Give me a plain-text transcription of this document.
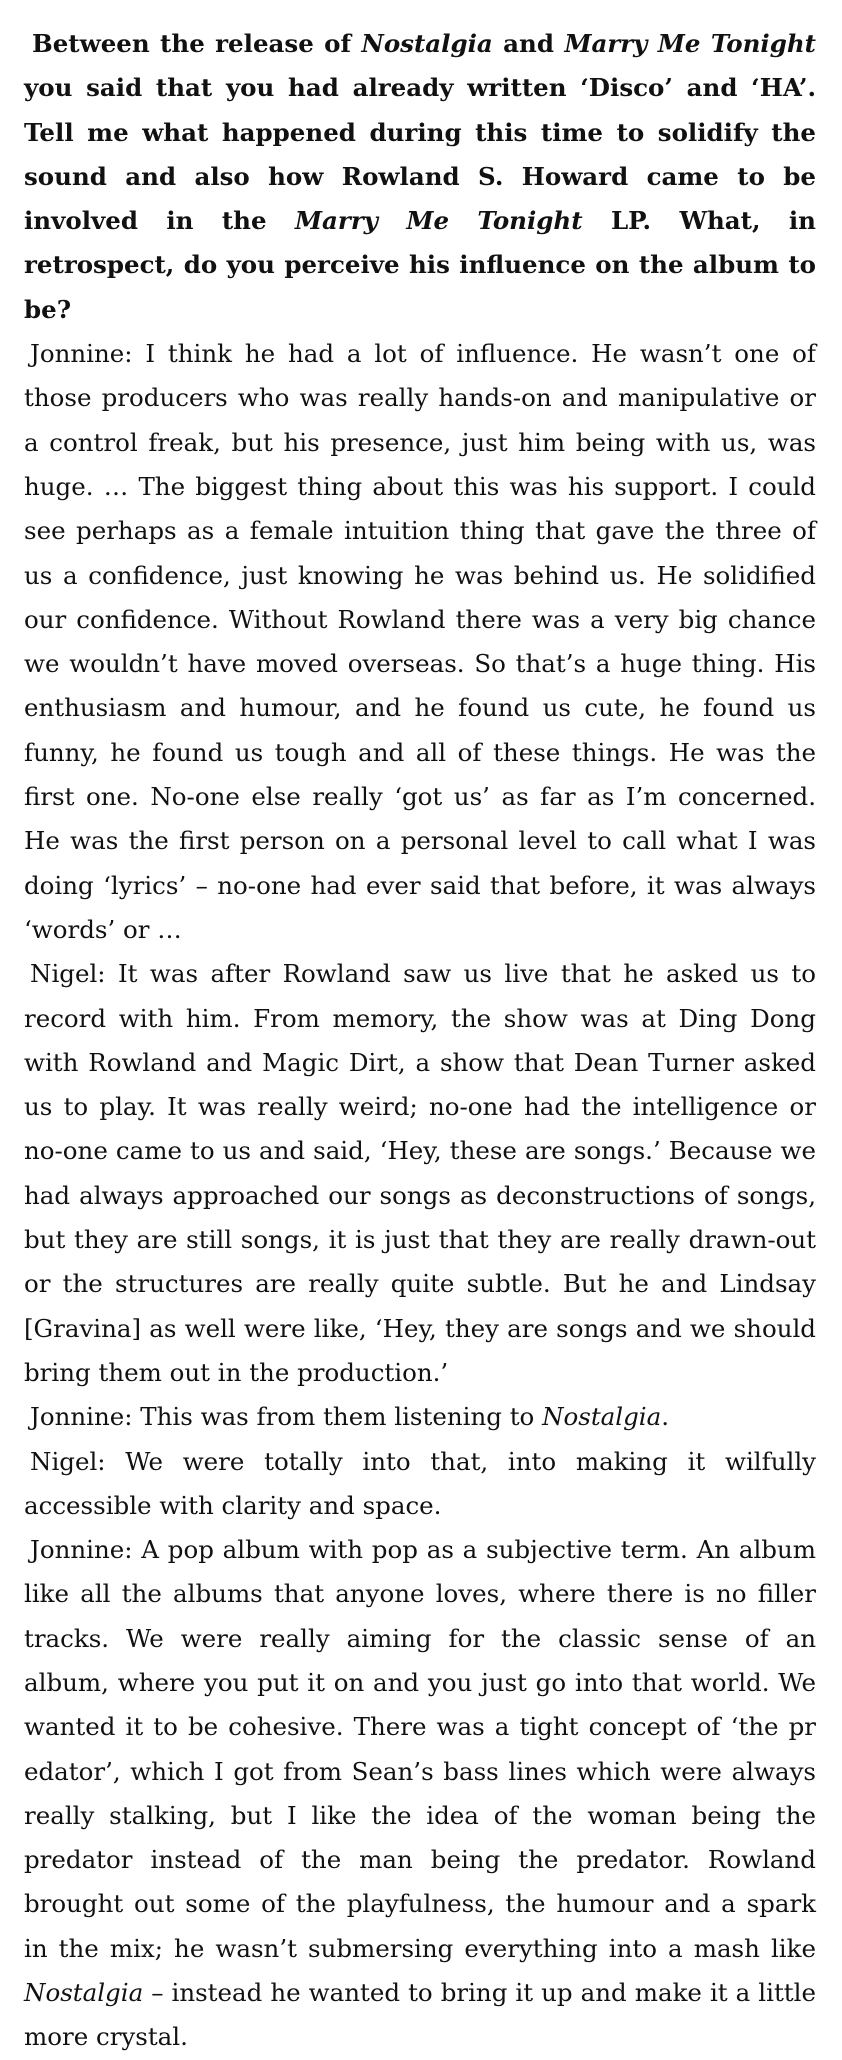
Between the release of Nostalgia and Marry Me Tonight you said that you had already written ‘Disco’ and ‘HA’. Tell me what happened during this time to solidify the sound and also how Rowland S. Howard came to be involved in the Marry Me Tonight LP. What, in retrospect, do you perceive his influence on the album to be?

Jonnine: I think he had a lot of influence. He wasn’t one of those producers who was really hands-on and manipulative or a control freak, but his presence, just him being with us, was huge. … The biggest thing about this was his support. I could see perhaps as a female intuition thing that gave the three of us a confidence, just knowing he was behind us. He solidified our confidence. Without Rowland there was a very big chance we wouldn’t have moved overseas. So that’s a huge thing. His enthusiasm and humour, and he found us cute, he found us funny, he found us tough and all of these things. He was the first one. No-one else really ‘got us’ as far as I’m concerned. He was the first person on a personal level to call what I was doing ‘lyrics’ – no-one had ever said that before, it was always ‘words’ or …

Nigel: It was after Rowland saw us live that he asked us to record with him. From memory, the show was at Ding Dong with Rowland and Magic Dirt, a show that Dean Turner asked us to play. It was really weird; no-one had the intelligence or no-one came to us and said, ‘Hey, these are songs.’ Because we had always approached our songs as deconstructions of songs, but they are still songs, it is just that they are really drawn-out or the structures are really quite subtle. But he and Lindsay [Gravina] as well were like, ‘Hey, they are songs and we should bring them out in the production.’

Jonnine: This was from them listening to Nostalgia.

Nigel: We were totally into that, into making it wilfully accessible with clarity and space.

Jonnine: A pop album with pop as a subjective term. An album like all the albums that anyone loves, where there is no filler tracks. We were really aiming for the classic sense of an album, where you put it on and you just go into that world. We wanted it to be cohesive. There was a tight concept of ‘the pr edator’, which I got from Sean’s bass lines which were always really stalking, but I like the idea of the woman being the predator instead of the man being the predator. Rowland brought out some of the playfulness, the humour and a spark in the mix; he wasn’t submersing everything into a mash like Nostalgia – instead he wanted to bring it up and make it a little more crystal.
